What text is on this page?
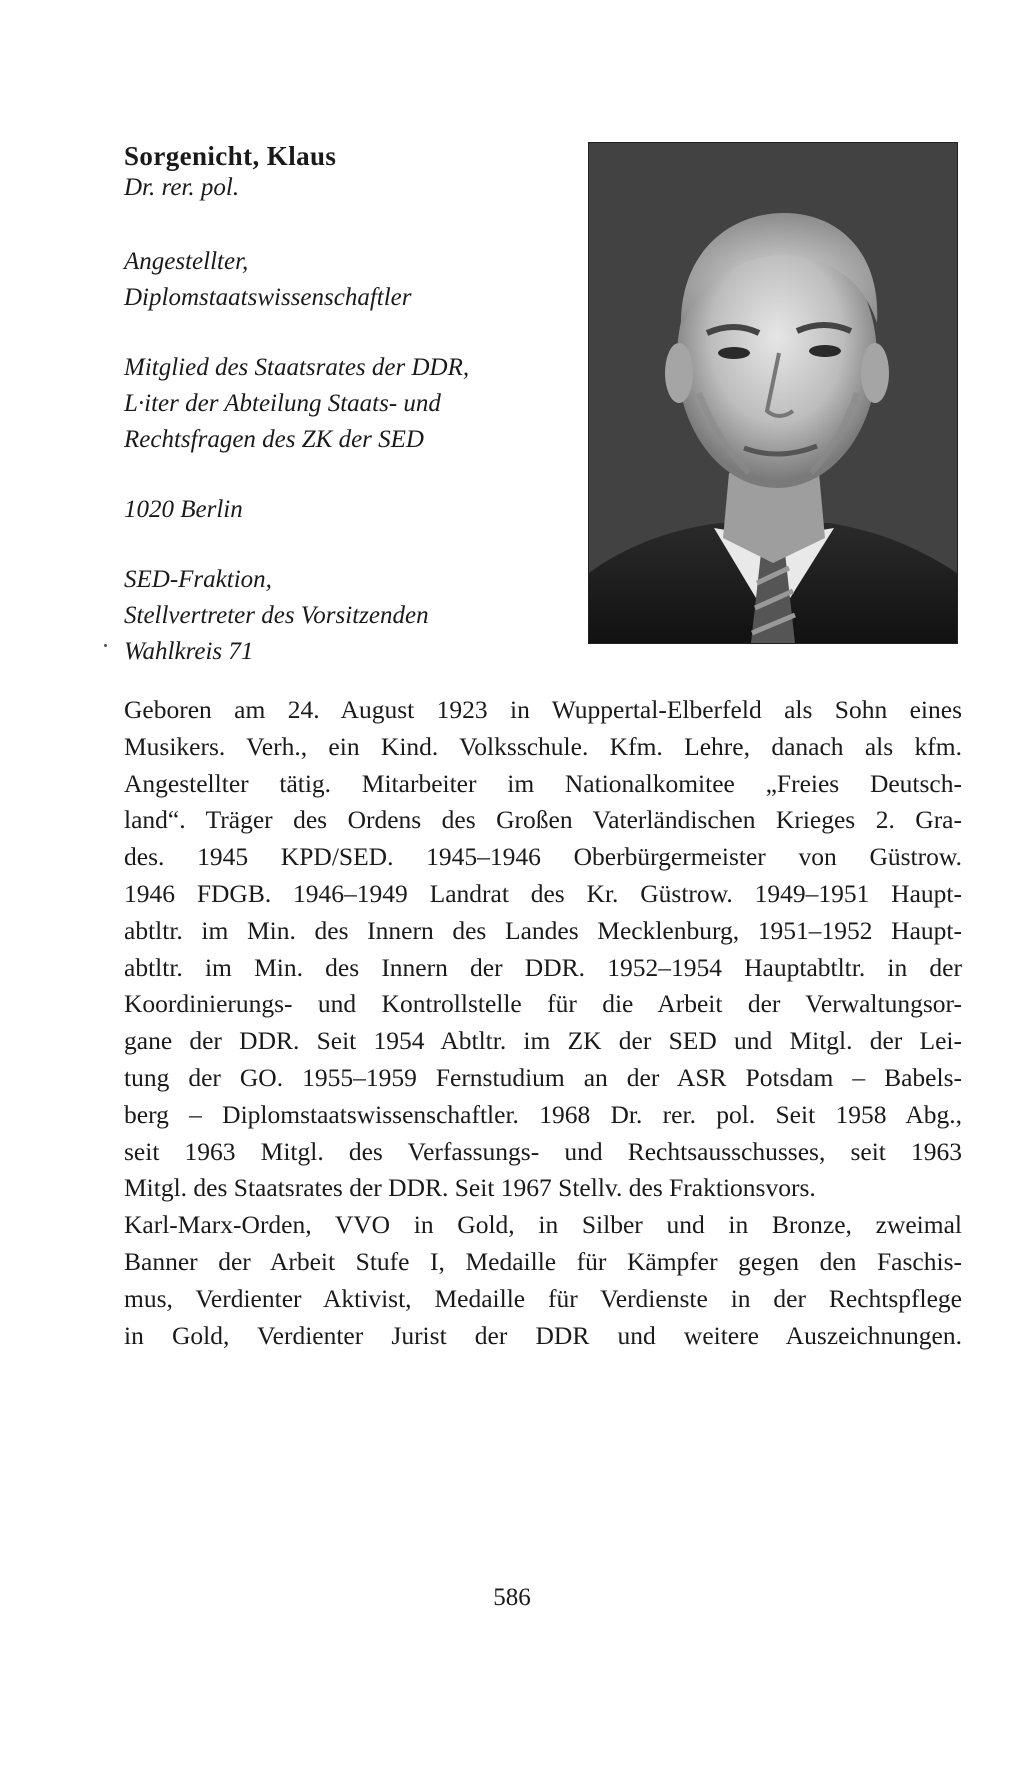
Sorgenicht, Klaus

Dr. rer. pol.

Angestellter,
Diplomstaatswissenschaftler

Mitglied des Staatsrates der DDR,
L·iter der Abteilung Staats- und
Rechtsfragen des ZK der SED

1020 Berlin

SED-Fraktion,
Stellvertreter des Vorsitzenden
Wahlkreis 71

Geboren am 24. August 1923 in Wuppertal-Elberfeld als Sohn eines
Musikers. Verh., ein Kind. Volksschule. Kfm. Lehre, danach als kfm.
Angestellter tätig. Mitarbeiter im Nationalkomitee „Freies Deutsch-
land“. Träger des Ordens des Großen Vaterländischen Krieges 2. Gra-
des. 1945 KPD/SED. 1945–1946 Oberbürgermeister von Güstrow.
1946 FDGB. 1946–1949 Landrat des Kr. Güstrow. 1949–1951 Haupt-
abtltr. im Min. des Innern des Landes Mecklenburg, 1951–1952 Haupt-
abtltr. im Min. des Innern der DDR. 1952–1954 Hauptabtltr. in der
Koordinierungs- und Kontrollstelle für die Arbeit der Verwaltungsor-
gane der DDR. Seit 1954 Abtltr. im ZK der SED und Mitgl. der Lei-
tung der GO. 1955–1959 Fernstudium an der ASR Potsdam – Babels-
berg – Diplomstaatswissenschaftler. 1968 Dr. rer. pol. Seit 1958 Abg.,
seit 1963 Mitgl. des Verfassungs- und Rechtsausschusses, seit 1963
Mitgl. des Staatsrates der DDR. Seit 1967 Stellv. des Fraktionsvors.
Karl-Marx-Orden, VVO in Gold, in Silber und in Bronze, zweimal
Banner der Arbeit Stufe I, Medaille für Kämpfer gegen den Faschis-
mus, Verdienter Aktivist, Medaille für Verdienste in der Rechtspflege
in Gold, Verdienter Jurist der DDR und weitere Auszeichnungen.
586
